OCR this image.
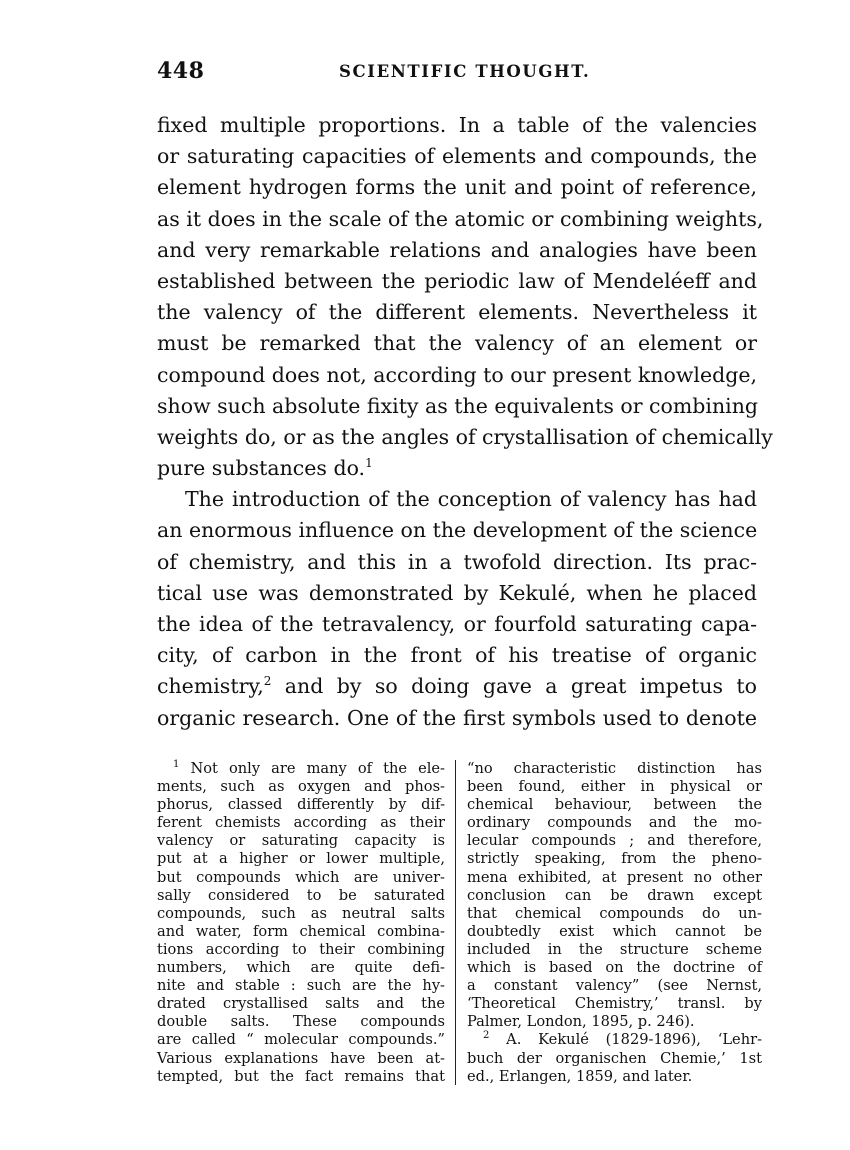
448	SCIENTIFIC THOUGHT.
fixed multiple proportions. In a table of the valencies
or saturating capacities of elements and compounds, the
element hydrogen forms the unit and point of reference,
as it does in the scale of the atomic or combining weights,
and very remarkable relations and analogies have been
established between the periodic law of Mendeléeff and
the valency of the different elements. Nevertheless it
must be remarked that the valency of an element or
compound does not, according to our present knowledge,
show such absolute fixity as the equivalents or combining
weights do, or as the angles of crystallisation of chemically
pure substances do.$^1$
The introduction of the conception of valency has had
an enormous influence on the development of the science
of chemistry, and this in a twofold direction. Its prac-
tical use was demonstrated by Kekulé, when he placed
the idea of the tetravalency, or fourfold saturating capa-
city, of carbon in the front of his treatise of organic
chemistry,$^2$ and by so doing gave a great impetus to
organic research. One of the first symbols used to denote
$^1$ Not only are many of the ele-
ments, such as oxygen and phos-
phorus, classed differently by dif-
ferent chemists according as their
valency or saturating capacity is
put at a higher or lower multiple,
but compounds which are univer-
sally considered to be saturated
compounds, such as neutral salts
and water, form chemical combina-
tions according to their combining
numbers, which are quite defi-
nite and stable : such are the hy-
drated crystallised salts and the
double salts. These compounds
are called “ molecular compounds.”
Various explanations have been at-
tempted, but the fact remains that
“no characteristic distinction has
been found, either in physical or
chemical behaviour, between the
ordinary compounds and the mo-
lecular compounds ; and therefore,
strictly speaking, from the pheno-
mena exhibited, at present no other
conclusion can be drawn except
that chemical compounds do un-
doubtedly exist which cannot be
included in the structure scheme
which is based on the doctrine of
a constant valency” (see Nernst,
‘Theoretical Chemistry,’ transl. by
Palmer, London, 1895, p. 246).
$^2$ A. Kekulé (1829-1896), ‘Lehr-
buch der organischen Chemie,’ 1st
ed., Erlangen, 1859, and later.
